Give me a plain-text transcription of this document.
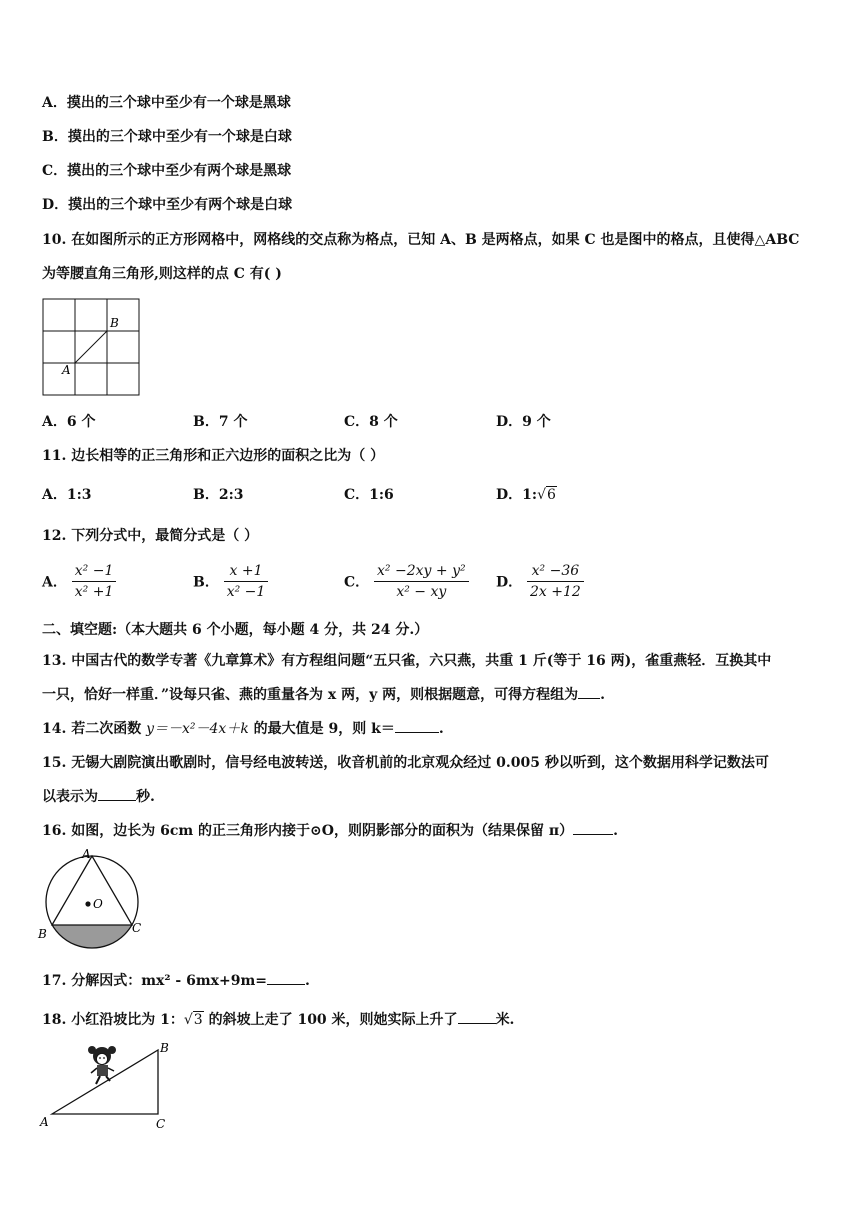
A．摸出的三个球中至少有一个球是黑球
B．摸出的三个球中至少有一个球是白球
C．摸出的三个球中至少有两个球是黑球
D．摸出的三个球中至少有两个球是白球
10. 在如图所示的正方形网格中，网格线的交点称为格点，已知 A、B 是两格点，如果 C 也是图中的格点，且使得△ABC
为等腰直角三角形,则这样的点 C 有( )
A
B
A．6 个	B．7 个	C．8 个	D．9 个
11. 边长相等的正三角形和正六边形的面积之比为（ ）
A．1:3	B．2:3	C．1:6	D．1:√6
12. 下列分式中，最简分式是（ ）
A． $\frac{\text{x² −1}}{\text{x² +1}}$	B． $\frac{x +1}{\text{x² −1}}$	C． $\frac{\text{x² −2xy + y²}}{\text{x² − xy}}$ D． $\frac{\text{x² −36}}{2x +12}$
二、填空题:（本大题共 6 个小题，每小题 4 分，共 24 分.）
13. 中国古代的数学专著《九章算术》有方程组问题“五只雀，六只燕，共重 1 斤(等于 16 两)，雀重燕轻．互换其中
一只，恰好一样重．”设每只雀、燕的重量各为 x 两，y 两，则根据题意，可得方程组为 .
14. 若二次函数 y＝－x²－4x＋k 的最大值是 9，则 k＝	.
15. 无锡大剧院演出歌剧时，信号经电波转送，收音机前的北京观众经过 0.005 秒以听到，这个数据用科学记数法可
以表示为	秒.
16. 如图，边长为 6cm 的正三角形内接于⊙O，则阴影部分的面积为（结果保留 π）	.
A
O
B	C
17. 分解因式：mx² - 6mx+9m=	.
18. 小红沿坡比为 1：√3 的斜坡上走了 100 米，则她实际上升了	米.
A
B
C
